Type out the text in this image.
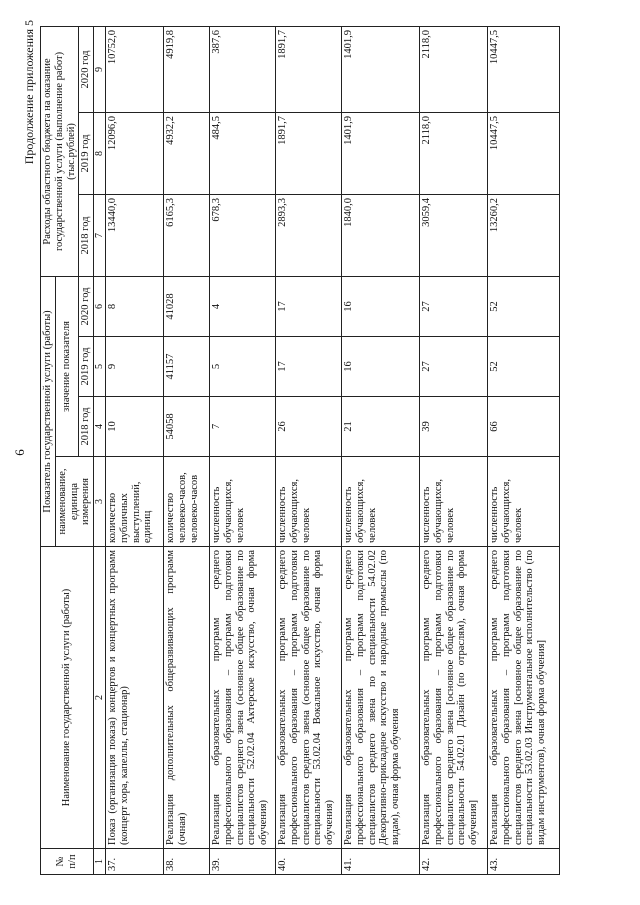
6
Продолжение приложения 5
№
п/п	Наименование государственной услуги (работы)	Показатель государственной услуги (работы)				Расходы областного бюджета на оказание государственной услуги (выполнение работ) (тыс.рублей)		
		наименование, единица измерения	значение показателя					
			2018 год	2019 год	2020 год	2018 год	2019 год	2020 год
1	2	3	4	5	6	7	8	9
37.	Показ (организация показа) концертов и концертных программ (концерт хора, капеллы, стационар)	количество публичных выступлений, единиц	10	9	8	13440,0	12096,0	10752,0
38.	Реализация дополнительных общеразвивающих программ (очная)	количество человеко-часов, человеко-часов	54058	41157	41028	6165,3	4932,2	4919,8
39.	Реализация образовательных программ среднего профессионального образования – программ подготовки специалистов среднего звена (основное общее образование по специальности 52.02.04 Актерское искусство, очная форма обучения)	численность обучающихся, человек	7	5	4	678,3	484,5	387,6
40.	Реализация образовательных программ среднего профессионального образования – программ подготовки специалистов среднего звена (основное общее образование по специальности 53.02.04 Вокальное искусство, очная форма обучения)	численность обучающихся, человек	26	17	17	2893,3	1891,7	1891,7
41.	Реализация образовательных программ среднего профессионального образования – программ подготовки специалистов среднего звена по специальности 54.02.02 Декоративно-прикладное искусство и народные промыслы (по видам), очная форма обучения	численность обучающихся, человек	21	16	16	1840,0	1401,9	1401,9
42.	Реализация образовательных программ среднего профессионального образования – программ подготовки специалистов среднего звена [основное общее образование по специальности 54.02.01 Дизайн (по отраслям), очная форма обучения]	численность обучающихся, человек	39	27	27	3059,4	2118,0	2118,0
43.	Реализация образовательных программ среднего профессионального образования – программ подготовки специалистов среднего звена [основное общее образование по специальности 53.02.03 Инструментальное исполнительство (по видам инструментов), очная форма обучения]	численность обучающихся, человек	66	52	52	13260,2	10447,5	10447,5
